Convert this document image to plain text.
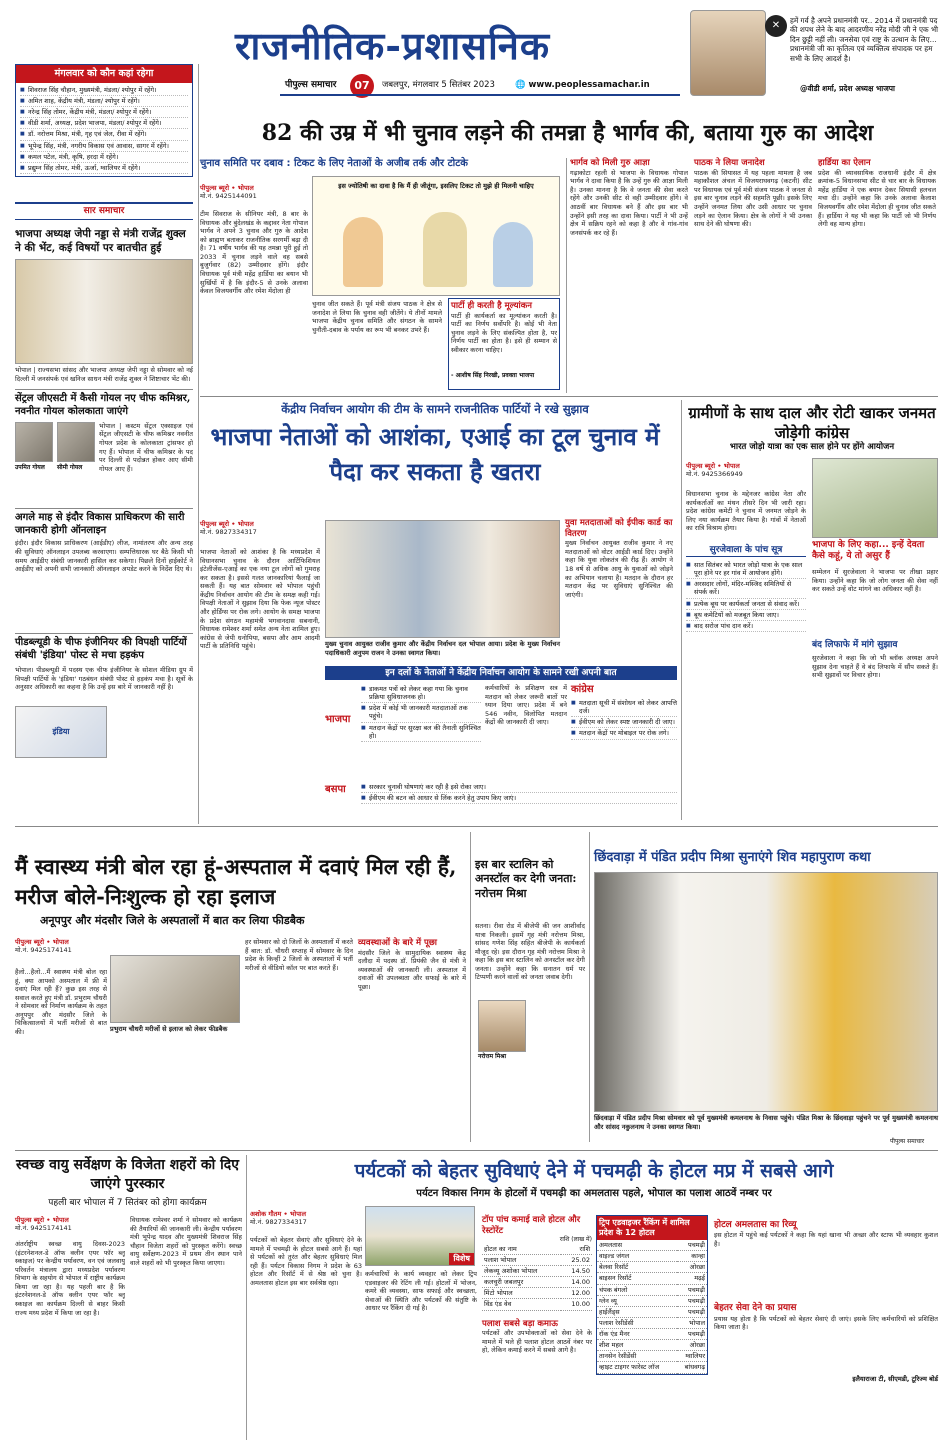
राजनीतिक-प्रशासनिक
पीपुल्स समाचार	07	जबलपुर, मंगलवार 5 सितंबर 2023 🌐 www.peoplessamachar.in
✕	हमें गर्व है अपने प्रधानमंत्री पर.. 2014 में प्रधानमंत्री पद की शपथ लेने के बाद आदरणीय नरेंद्र मोदी जी ने एक भी दिन छुट्टी नहीं ली। जनसेवा एवं राष्ट्र के उत्थान के लिए... प्रधानमंत्री जी का कृतित्व एवं व्यक्तित्व संपादक पर हम सभी के लिए आदर्श है।
@वीडी शर्मा, प्रदेश अध्यक्ष भाजपा
मंगलवार को कौन कहां रहेगा
■ शिवराज सिंह चौहान, मुख्यमंत्री, मंडला/ श्योपुर में रहेंगे।
■ अमित शाह, केंद्रीय मंत्री, मंडला/ श्योपुर में रहेंगे।
■ नरेन्द्र सिंह तोमर, केंद्रीय मंत्री, मंडला/ श्योपुर में रहेंगे।
■ वीडी शर्मा, अध्यक्ष, प्रदेश भाजपा, मंडला/ श्योपुर में रहेंगे।
■ डॉ. नरोत्तम मिश्रा, मंत्री, गृह एवं जेल, रीवा में रहेंगे।
■ भूपेन्द्र सिंह, मंत्री, नगरीय विकास एवं आवास, सागर में रहेंगे।
■ कमल पटेल, मंत्री, कृषि, हरदा में रहेंगे।
■ प्रद्युम्न सिंह तोमर, मंत्री, ऊर्जा, ग्वालियर में रहेंगे।
सार समाचार
भाजपा अध्यक्ष जेपी नड्डा से मंत्री राजेंद्र शुक्ल ने की भेंट, कई विषयों पर बातचीत हुई
भोपाल | राज्यसभा सांसद और भाजपा अध्यक्ष जेपी नड्डा से सोमवार को नई दिल्ली में जनसंपर्क एवं खनिज साधन मंत्री राजेंद्र शुक्ल ने शिष्टाचार भेंट की।
सेंट्रल जीएसटी में कैसी गोयल नए चीफ कमिश्नर, नवनीत गोयल कोलकाता जाएंगे
उपमित गोयल सीमी गोयल
भोपाल | कस्टम सेंट्रल एक्साइज एवं सेंट्रल जीएसटी के चीफ कमिश्नर नवनीत गोयल प्रदेश के कोलकाता ट्रांसफर हो गए हैं। भोपाल में चीफ कमिश्नर के पद पर दिल्ली से पदोन्नत होकर आए सीमी गोयल आए हैं।
अगले माह से इंदौर विकास प्राधिकरण की सारी जानकारी होगी ऑनलाइन
इंदौर। इंदौर विकास प्राधिकरण (आईडीए) लीज, नामांतरण और अन्य तरह की सुविधाएं ऑनलाइन उपलब्ध करवाएगा। सम्पत्तिधारक घर बैठे किसी भी समय आईडीए संबंधी जानकारी हासिल कर सकेगा। पिछले दिनों हाईकोर्ट ने आईडीए को अपनी सभी जानकारी ऑनलाइन अपडेट करने के निर्देश दिए थे।
पीडब्ल्यूडी के चीफ इंजीनियर की विपक्षी पार्टियों संबंधी 'इंडिया' पोस्ट से मचा हड़कंप
इंडिया
भोपाल। पीडब्ल्यूडी में पदस्थ एक चीफ इंजीनियर के सोशल मीडिया ग्रुप में विपक्षी पार्टियों के 'इंडिया' गठबंधन संबंधी पोस्ट से हड़कंप मचा है। सूत्रों के अनुसार अधिकारी का कहना है कि उन्हें इस बारे में जानकारी नहीं है।
82 की उम्र में भी चुनाव लड़ने की तमन्ना है भार्गव की, बताया गुरु का आदेश
चुनाव समिति पर दबाव : टिकट के लिए नेताओं के अजीब तर्क और टोटके
पीपुल्स ब्यूरो • भोपाल
मो.नं. 9425144091
इस ज्योतिषी का दावा है कि मैं ही जीतूंगा, इसलिए टिकट तो मुझे ही मिलनी चाहिए
टीम सिवराज के सीनियर मंत्री, 8 बार के विधायक और बुंदेलखंड के कद्दावर नेता गोपाल भार्गव ने अपने 3 चुनाव और गुरु के आदेश को ब्राह्मण बताकर राजनीतिक सरगर्मी बढ़ा दी है। 71 वर्षीय भार्गव की यह तमन्ना पूरी हुई तो 2033 में चुनाव लड़ने वाले वह सबसे बुजुर्गवार (82) उम्मीदवार होंगे। इंदौर विधायक पूर्व मंत्री महेंद्र हार्डिया का बयान भी सुर्खियों में है कि इंदौर-5 से उनके अलावा केवल विजयवर्गीय और रमेश मेंदोला ही
चुनाव जीत सकते हैं। पूर्व मंत्री संजय पाठक ने क्षेत्र से जनादेश ले लिया कि चुनाव वही जीतेंगे। ये तीनों मामले भाजपा केंद्रीय चुनाव समिति और संगठन के सामने चुनौती-दबाव के पर्याय का रूप भी बनकर उभरे हैं।
पार्टी ही करती है मूल्यांकन
पार्टी ही कार्यकर्ता का मूल्यांकन करती है। पार्टी का निर्णय सर्वोपरि है। कोई भी नेता चुनाव लड़ने के लिए संकल्पित होता है, पर निर्णय पार्टी का होता है। इसे ही सम्मान से स्वीकार करना चाहिए।
- आशीष सिंह निरखी, प्रवक्ता भाजपा
भार्गव को मिली गुरु आज्ञा
गढ़ाकोटा रहली से भाजपा के विधायक गोपाल भार्गव ने दावा किया है कि उन्हें गुरु की आज्ञा मिली है। उनका मानना है कि वे जनता की सेवा करते रहेंगे और उनकी सीट से वही उम्मीदवार होंगे। वे आठवीं बार विधायक बने हैं और इस बार भी उन्होंने इसी तरह का दावा किया। पार्टी ने भी उन्हें क्षेत्र में सक्रिय रहने को कहा है और वे गांव-गांव जनसंपर्क कर रहे हैं।
पाठक ने लिया जनादेश
पाठक की सियासत में यह पहला मामला है जब महाकौशल अंचल में विजयराघवगढ़ (कटनी) सीट पर विधायक एवं पूर्व मंत्री संजय पाठक ने जनता से इस बार चुनाव लड़ने की सहमति पूछी। इसके लिए उन्होंने जनमत लिया और उसी आधार पर चुनाव लड़ने का ऐलान किया। क्षेत्र के लोगों ने भी उनका साथ देने की घोषणा की।
हार्डिया का ऐलान
प्रदेश की व्यावसायिक राजधानी इंदौर में क्षेत्र क्रमांक-5 विधानसभा सीट से चार बार के विधायक महेंद्र हार्डिया ने एक बयान देकर सियासी हलचल मचा दी। उन्होंने कहा कि उनके अलावा कैलाश विजयवर्गीय और रमेश मेंदोला ही चुनाव जीत सकते हैं। हार्डिया ने यह भी कहा कि पार्टी जो भी निर्णय लेगी वह मान्य होगा।
केंद्रीय निर्वाचन आयोग की टीम के सामने राजनीतिक पार्टियों ने रखे सुझाव
भाजपा नेताओं को आशंका, एआई का टूल चुनाव में पैदा कर सकता है खतरा
पीपुल्स ब्यूरो • भोपाल
मो.नं. 9827334317
भाजपा नेताओं को आशंका है कि मध्यप्रदेश में विधानसभा चुनाव के दौरान आर्टिफिशियल इंटेलीजेंस-एआई का एक नया टूल लोगों को गुमराह कर सकता है। इससे गलत जानकारियां फैलाई जा सकती हैं। यह बात सोमवार को भोपाल पहुंची केंद्रीय निर्वाचन आयोग की टीम के समक्ष कही गई। विपक्षी नेताओं ने सुझाव दिया कि फेक न्यूज पोस्टर और होर्डिंग्स पर रोक लगे। आयोग के समक्ष भाजपा के प्रदेश संगठन महामंत्री भगवानदास सबनानी, विधायक रामेश्वर शर्मा समेत अन्य नेता शामिल हुए। कांग्रेस से जेपी धनोपिया, बसपा और आम आदमी पार्टी के प्रतिनिधि पहुंचे।	मुख्य चुनाव आयुक्त राजीव कुमार और केंद्रीय निर्वाचन दल भोपाल आया। प्रदेश के मुख्य निर्वाचन पदाधिकारी अनुपम राजन ने उनका स्वागत किया।
युवा मतदाताओं को ईपीक कार्ड का वितरण
मुख्य निर्वाचन आयुक्त राजीव कुमार ने नए मतदाताओं को वोटर आईडी कार्ड दिए। उन्होंने कहा कि युवा लोकतंत्र की रीढ़ हैं। आयोग ने 18 वर्ष से अधिक आयु के युवाओं को जोड़ने का अभियान चलाया है। मतदान के दौरान हर मतदान केंद्र पर सुविधाएं सुनिश्चित की जाएंगी।
इन दलों के नेताओं ने केंद्रीय निर्वाचन आयोग के सामने रखी अपनी बात
भाजपा
■ डाकमत पत्रों को लेकर कहा गया कि चुनाव प्रक्रिया सुविधाजनक हो।
■ प्रदेश में कोई भी जानकारी मतदाताओं तक पहुंचे।
■ मतदान केंद्रों पर सुरक्षा बल की तैनाती सुनिश्चित हो।
कर्मचारियों के प्रशिक्षण सत्र में मतदान को लेकर जरूरी बातों पर ध्यान दिया जाए। प्रदेश में बने 546 नवीन, विलोपित मतदान केंद्रों की जानकारी दी जाए।
कांग्रेस
■ मतदाता सूची में संशोधन को लेकर आपत्ति दर्ज।
■ ईवीएम को लेकर स्पष्ट जानकारी दी जाए।
■ मतदान केंद्रों पर मोबाइल पर रोक लगे।
बसपा	■ सरकार चुनावी घोषणाएं कर रही है इसे रोका जाए।
■ ईवीएम की बटन को आधार से लिंक करने हेतु उपाय किए जाएं।
ग्रामीणों के साथ दाल और रोटी खाकर जनमत जोड़ेगी कांग्रेस
भारत जोड़ो यात्रा का एक साल होने पर होंगे आयोजन
पीपुल्स ब्यूरो • भोपाल
मो.नं. 9425366949
विधानसभा चुनाव के मद्देनजर कांग्रेस नेता और कार्यकर्ताओं का मंथन तीसरे दिन भी जारी रहा। प्रदेश कांग्रेस कमेटी ने चुनाव में जनमत जोड़ने के लिए नया कार्यक्रम तैयार किया है। गांवों में नेताओं का रात्रि विश्राम होगा।
भाजपा के लिए कहा... इन्हें देवता कैसे कहूं, ये तो असुर हैं
सम्मेलन में सुरजेवाला ने भाजपा पर तीखा प्रहार किया। उन्होंने कहा कि जो लोग जनता की सेवा नहीं कर सकते उन्हें वोट मांगने का अधिकार नहीं है।
सुरजेवाला के पांच सूत्र
■ सात सितंबर को भारत जोड़ो यात्रा के एक साल पूरा होने पर हर गांव में आयोजन होंगे।
■ अरसदार लोगों, मंदिर-मस्जिद समितियों से संपर्क करें।
■ प्रत्येक बूथ पर कार्यकर्ता जनता से संवाद करें।
■ बूथ कमेटियों को मजबूत किया जाए।
■ बाद सरोज पांच दान करें।
बंद लिफाफे में मांगे सुझाव
सुरजेवाला ने कहा कि जो भी ब्लॉक अध्यक्ष अपने सुझाव देना चाहते हैं वे बंद लिफाफे में सौंप सकते हैं। सभी सुझावों पर विचार होगा।
मैं स्वास्थ्य मंत्री बोल रहा हूं-अस्पताल में दवाएं मिल रही हैं, मरीज बोले-निःशुल्क हो रहा इलाज
अनूपपुर और मंदसौर जिले के अस्पतालों में बात कर लिया फीडबैक
पीपुल्स ब्यूरो • भोपाल
मो.नं. 9425174141
हैलो...हैलो...मैं स्वास्थ्य मंत्री बोल रहा हूं, क्या आपको अस्पताल में फ्री में दवाएं मिल रही हैं? कुछ इस तरह से सवाल करते हुए मंत्री डॉ. प्रभुराम चौधरी ने सोमवार को निर्माण कार्यक्रम के तहत अनूपपुर और मंदसौर जिले के चिकित्सालयों में भर्ती मरीजों से बात की।	प्रभुराम चौधरी मरीजों से इलाज को लेकर फीडबैक
हर सोमवार को दो जिलों के अस्पतालों में करते हैं बात: डॉ. चौधरी सप्ताह में सोमवार के दिन प्रदेश के किन्हीं 2 जिलों के अस्पतालों में भर्ती मरीजों से वीडियो कॉल पर बात करते हैं।
व्यवस्थाओं के बारे में पूछा
मंदसौर जिले के सामुदायिक स्वास्थ्य केंद्र दलौदा में पदस्थ डॉ. प्रियंकी जैन से मंत्री ने व्यवस्थाओं की जानकारी ली। अस्पताल में दवाओं की उपलब्धता और सफाई के बारे में पूछा।
इस बार स्टालिन को अनस्टॉल कर देगी जनता: नरोत्तम मिश्रा
सतना। रीवा रोड में बीजेपी की जन आशीर्वाद यात्रा निकली। इसमें गृह मंत्री नरोत्तम मिश्रा, सांसद गणेश सिंह सहित बीजेपी के कार्यकर्ता मौजूद रहे। इस दौरान गृह मंत्री नरोत्तम मिश्रा ने कहा कि इस बार स्टालिन को अनस्टॉल कर देगी जनता। उन्होंने कहा कि सनातन धर्म पर टिप्पणी करने वालों को जनता जवाब देगी।
नरोत्तम मिश्रा
छिंदवाड़ा में पंडित प्रदीप मिश्रा सुनाएंगे शिव महापुराण कथा
छिंदवाड़ा में पंडित प्रदीप मिश्रा सोमवार को पूर्व मुख्यमंत्री कमलनाथ के निवास पहुंचे। पंडित मिश्रा के छिंदवाड़ा पहुंचने पर पूर्व मुख्यमंत्री कमलनाथ और सांसद नकुलनाथ ने उनका स्वागत किया।
पीपुल्स समाचार
स्वच्छ वायु सर्वेक्षण के विजेता शहरों को दिए जाएंगे पुरस्कार
पहली बार भोपाल में 7 सितंबर को होगा कार्यक्रम
पीपुल्स ब्यूरो • भोपाल
मो.नं. 9425174141
अंतर्राष्ट्रीय स्वच्छ वायु दिवस-2023 (इंटरनेशनल-डे ऑफ क्लीन एयर फॉर ब्लू स्काइज) पर केन्द्रीय पर्यावरण, वन एवं जलवायु परिवर्तन मंत्रालय द्वारा मध्यप्रदेश पर्यावरण विभाग के सहयोग से भोपाल में राष्ट्रीय कार्यक्रम किया जा रहा है। यह पहली बार है कि इंटरनेशनल-डे ऑफ क्लीन एयर फॉर ब्लू स्काइज का कार्यक्रम दिल्ली से बाहर किसी राज्य मध्य प्रदेश में किया जा रहा है।
विधायक रामेश्वर शर्मा ने सोमवार को कार्यक्रम की तैयारियों की जानकारी ली। केन्द्रीय पर्यावरण मंत्री भूपेन्द्र यादव और मुख्यमंत्री शिवराज सिंह चौहान विजेता शहरों को पुरस्कृत करेंगे। स्वच्छ वायु सर्वेक्षण-2023 में प्रथम तीन स्थान पाने वाले शहरों को भी पुरस्कृत किया जाएगा।
पर्यटकों को बेहतर सुविधाएं देने में पचमढ़ी के होटल मप्र में सबसे आगे
पर्यटन विकास निगम के होटलों में पचमढ़ी का अमलतास पहले, भोपाल का पलाश आठवें नम्बर पर
अशोक गौतम • भोपाल
मो.नं. 9827334317
विशेष
पर्यटकों को बेहतर सेवाएं और सुविधाएं देने के मामले में पचमढ़ी के होटल सबसे आगे हैं। यहां से पर्यटकों को तुरंत और बेहतर सुविधाएं मिल रही हैं। पर्यटन विकास निगम ने प्रदेश के 63 होटल और रिसॉर्ट में से श्रेष्ठ को चुना है। अमलतास होटल इस बार सर्वश्रेष्ठ रहा।
कर्मचारियों के कार्य व्यवहार को लेकर ट्रिप एडवाइजर की रेटिंग ली गई। होटलों में भोजन, कमरे की व्यवस्था, साफ सफाई और स्वच्छता, सेवाओं की स्थिति और पर्यटकों की संतुष्टि के आधार पर रैंकिंग दी गई है।
टॉप पांच कमाई वाले होटल और रेस्टोरेंट
राशि (लाख में)
होटल का नाम	राशि
पलाश भोपाल	25.02
लेकव्यू अशोका भोपाल	14.50
कलचुरी जबलपुर	14.00
मिंटो भोपाल	12.00
विंड एंड वेव	10.00
पलाश सबसे बड़ा कमाऊ
पर्यटकों और उपभोक्ताओं को सेवा देने के मामले में भले ही पलाश होटल आठवें नंबर पर हो, लेकिन कमाई करने में सबसे आगे है।
ट्रिप एडवाइजर रैंकिंग में शामिल प्रदेश के 12 होटल
अमलतास	पचमढ़ी
वाइल्ड जंगल	कान्हा
बेलवा रिसॉर्ट	ओरछा
बाइसन रिसॉर्ट	मढ़ई
चंपक बंगलो	पचमढ़ी
ग्लेन व्यू	पचमढ़ी
हाईलैंड्स	पचमढ़ी
पलाश रेसीडेंसी	भोपाल
रॉक एंड मैनर	पचमढ़ी
शीश महल	ओरछा
तानसेन रेसीडेंसी	ग्वालियर
व्हाइट टाइगर फारेस्ट लॉज	बांधवगढ़
होटल अमलतास का रिव्यू
इस होटल में पहुंचे कई पर्यटकों ने कहा कि यहां खाना भी अच्छा और स्टाफ भी व्यवहार कुशल है।
बेहतर सेवा देने का प्रयास
प्रयास यह होता है कि पर्यटकों को बेहतर सेवाएं दी जाएं। इसके लिए कर्मचारियों को प्रशिक्षित किया जाता है।
इलैयाराजा टी, सीएमडी, टूरिज्म बोर्ड
